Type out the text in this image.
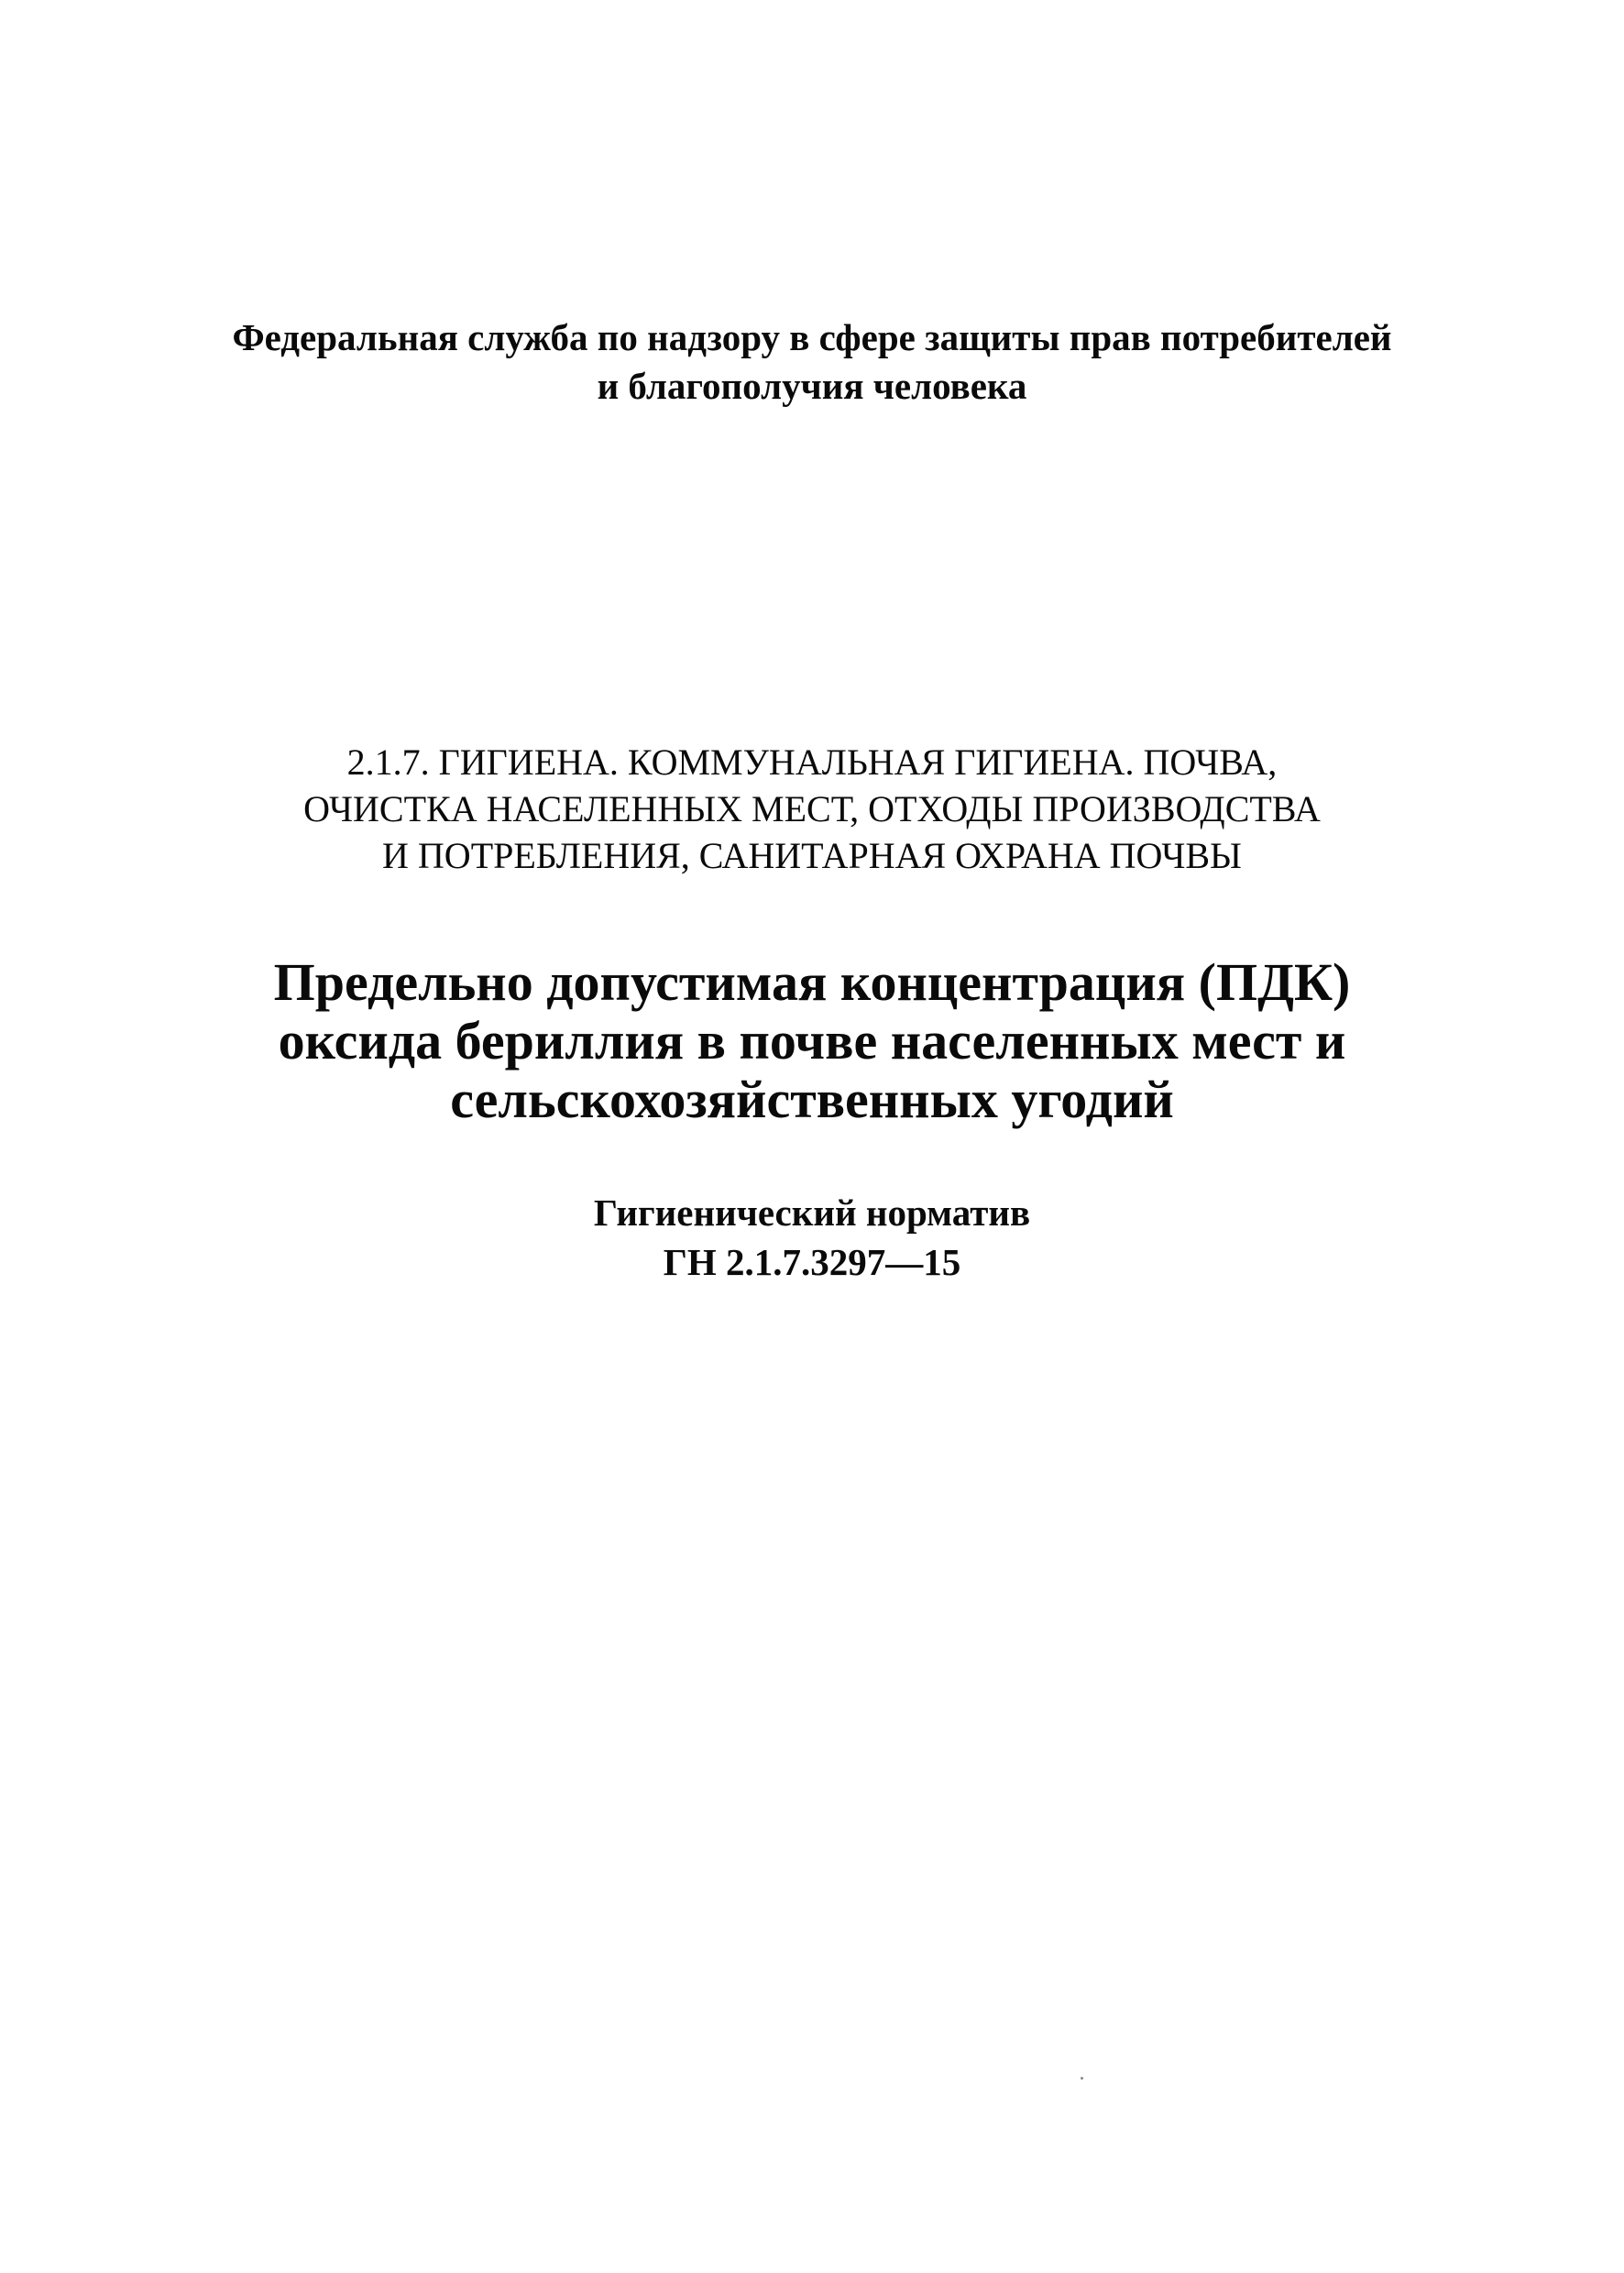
Федеральная служба по надзору в сфере защиты прав потребителей
и благополучия человека
2.1.7. ГИГИЕНА. КОММУНАЛЬНАЯ ГИГИЕНА. ПОЧВА,
ОЧИСТКА НАСЕЛЕННЫХ МЕСТ, ОТХОДЫ ПРОИЗВОДСТВА
И ПОТРЕБЛЕНИЯ, САНИТАРНАЯ ОХРАНА ПОЧВЫ
Предельно допустимая концентрация (ПДК)
оксида бериллия в почве населенных мест и
сельскохозяйственных угодий
Гигиенический норматив
ГН 2.1.7.3297—15
